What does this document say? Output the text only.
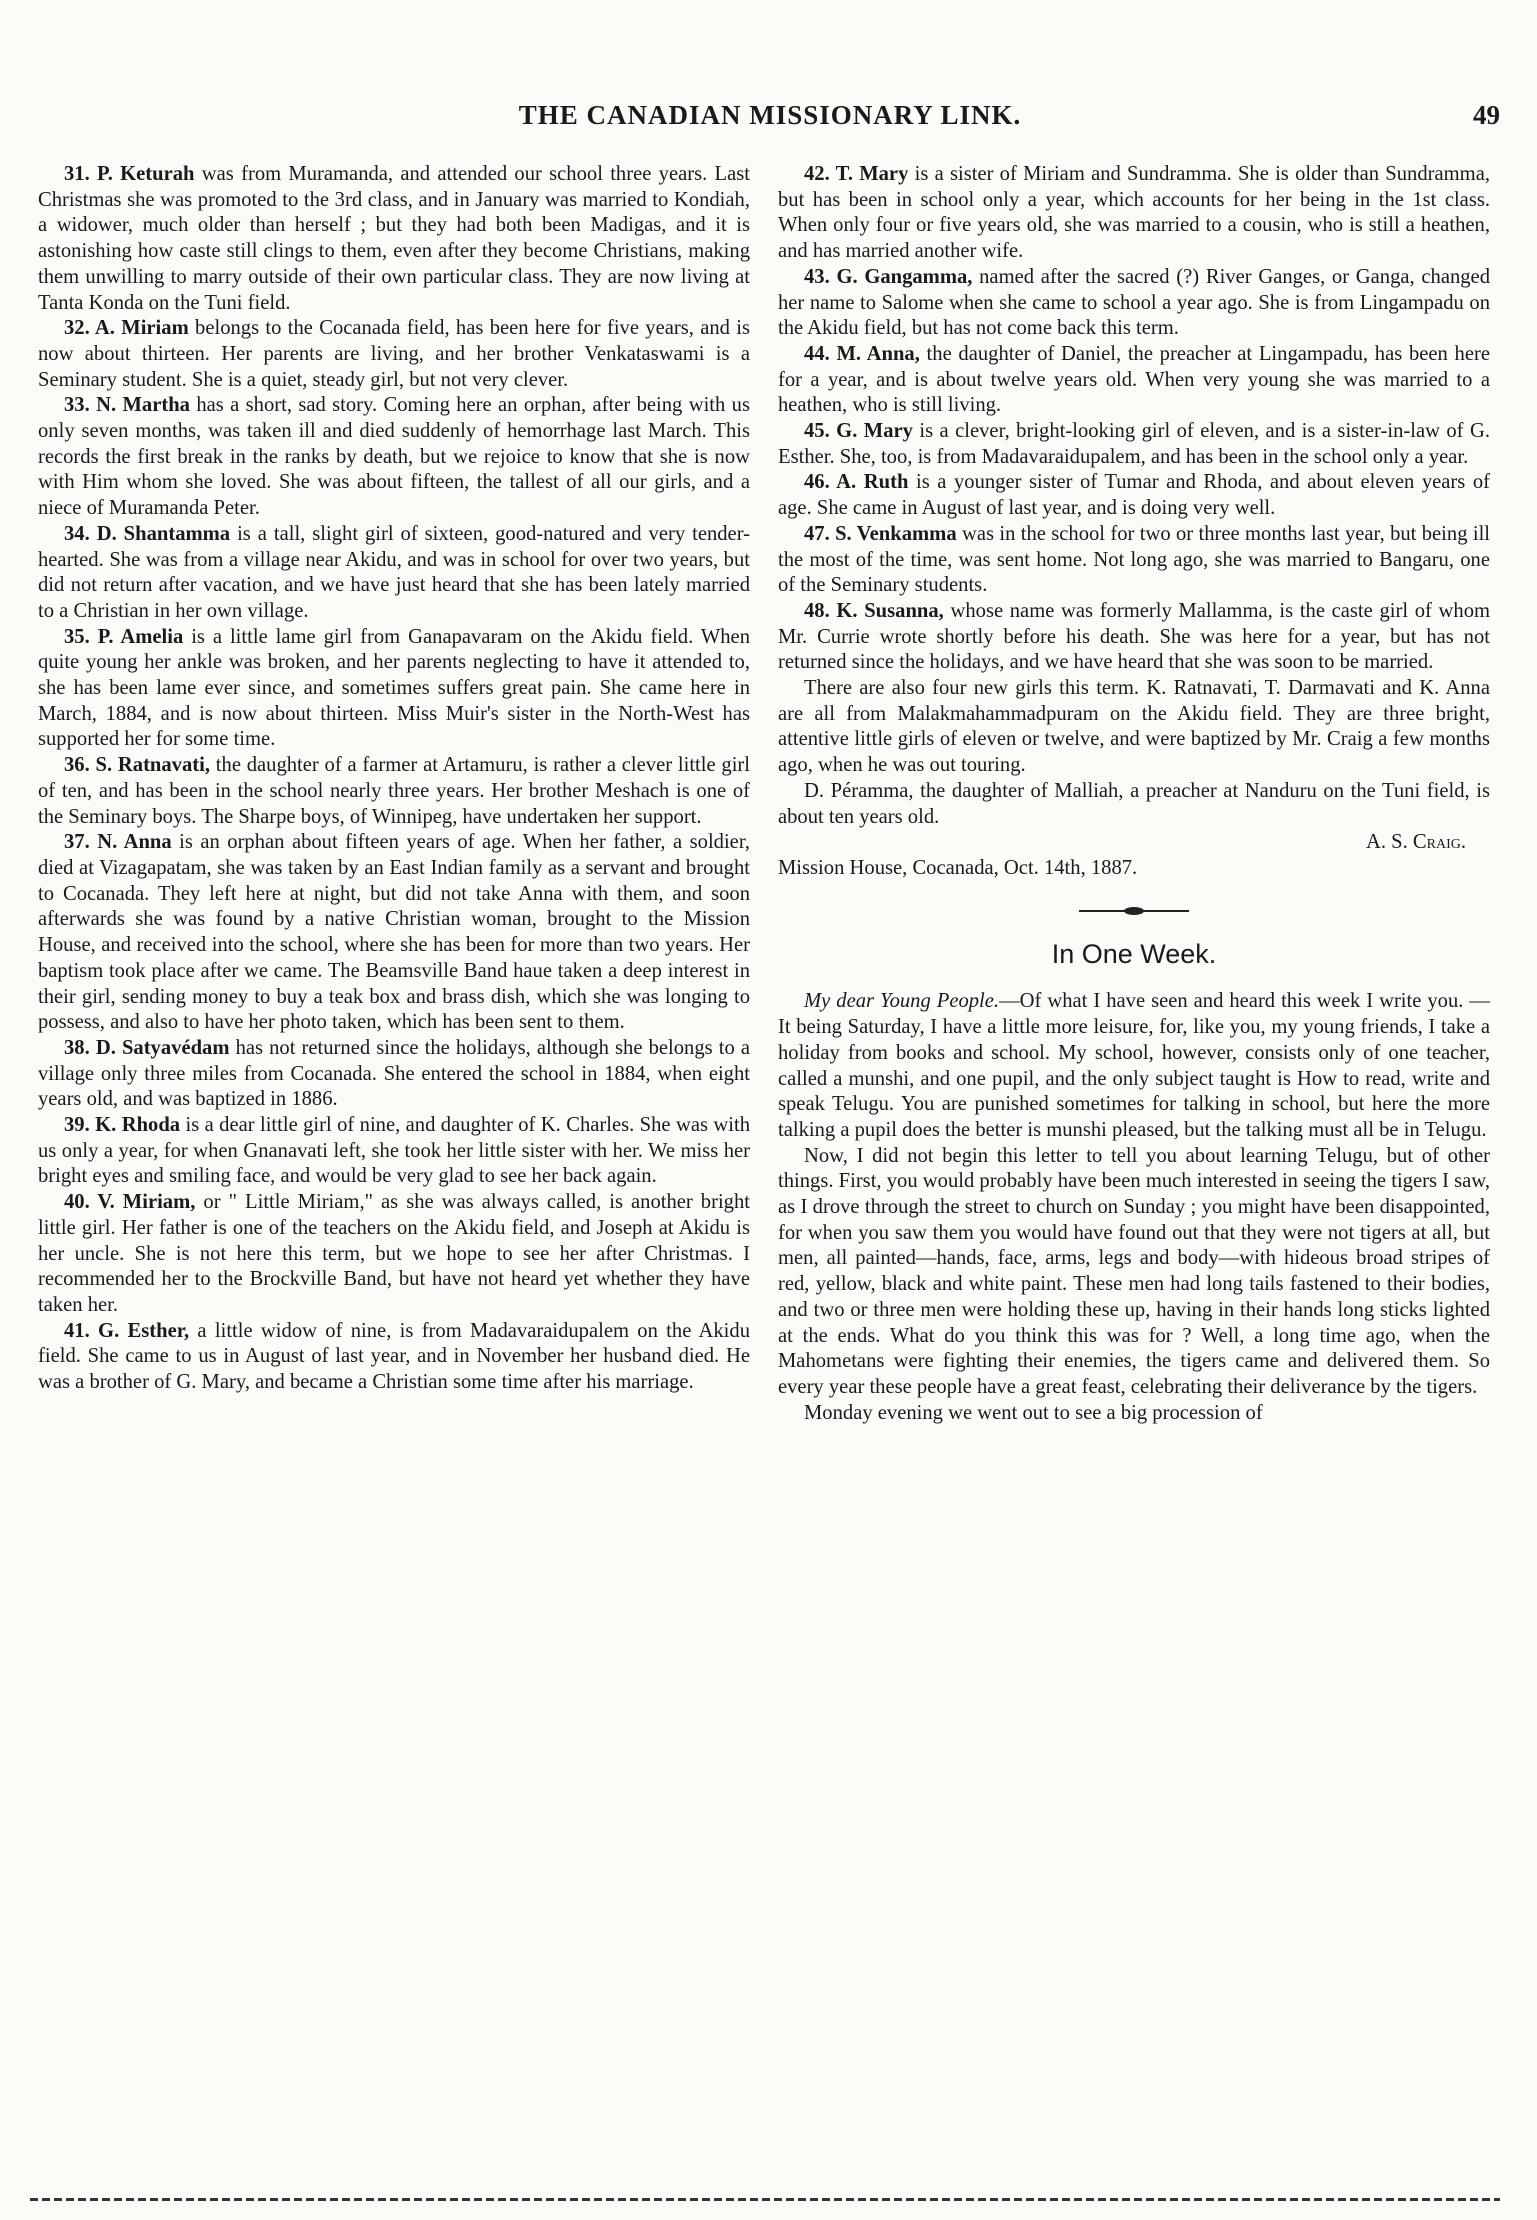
THE CANADIAN MISSIONARY LINK.	49

31. P. Keturah was from Muramanda, and attended our school three years. Last Christmas she was promoted to the 3rd class, and in January was married to Kondiah, a widower, much older than herself ; but they had both been Madigas, and it is astonishing how caste still clings to them, even after they become Christians, making them unwilling to marry outside of their own particular class. They are now living at Tanta Konda on the Tuni field.

32. A. Miriam belongs to the Cocanada field, has been here for five years, and is now about thirteen. Her parents are living, and her brother Venkataswami is a Seminary student. She is a quiet, steady girl, but not very clever.

33. N. Martha has a short, sad story. Coming here an orphan, after being with us only seven months, was taken ill and died suddenly of hemorrhage last March. This records the first break in the ranks by death, but we rejoice to know that she is now with Him whom she loved. She was about fifteen, the tallest of all our girls, and a niece of Muramanda Peter.

34. D. Shantamma is a tall, slight girl of sixteen, good-natured and very tender-hearted. She was from a village near Akidu, and was in school for over two years, but did not return after vacation, and we have just heard that she has been lately married to a Christian in her own village.

35. P. Amelia is a little lame girl from Ganapavaram on the Akidu field. When quite young her ankle was broken, and her parents neglecting to have it attended to, she has been lame ever since, and sometimes suffers great pain. She came here in March, 1884, and is now about thirteen. Miss Muir's sister in the North-West has supported her for some time.

36. S. Ratnavati, the daughter of a farmer at Artamuru, is rather a clever little girl of ten, and has been in the school nearly three years. Her brother Meshach is one of the Seminary boys. The Sharpe boys, of Winnipeg, have undertaken her support.

37. N. Anna is an orphan about fifteen years of age. When her father, a soldier, died at Vizagapatam, she was taken by an East Indian family as a servant and brought to Cocanada. They left here at night, but did not take Anna with them, and soon afterwards she was found by a native Christian woman, brought to the Mission House, and received into the school, where she has been for more than two years. Her baptism took place after we came. The Beamsville Band haue taken a deep interest in their girl, sending money to buy a teak box and brass dish, which she was longing to possess, and also to have her photo taken, which has been sent to them.

38. D. Satyavédam has not returned since the holidays, although she belongs to a village only three miles from Cocanada. She entered the school in 1884, when eight years old, and was baptized in 1886.

39. K. Rhoda is a dear little girl of nine, and daughter of K. Charles. She was with us only a year, for when Gnanavati left, she took her little sister with her. We miss her bright eyes and smiling face, and would be very glad to see her back again.

40. V. Miriam, or " Little Miriam," as she was always called, is another bright little girl. Her father is one of the teachers on the Akidu field, and Joseph at Akidu is her uncle. She is not here this term, but we hope to see her after Christmas. I recommended her to the Brockville Band, but have not heard yet whether they have taken her.

41. G. Esther, a little widow of nine, is from Madavaraidupalem on the Akidu field. She came to us in August of last year, and in November her husband died. He was a brother of G. Mary, and became a Christian some time after his marriage.

42. T. Mary is a sister of Miriam and Sundramma. She is older than Sundramma, but has been in school only a year, which accounts for her being in the 1st class. When only four or five years old, she was married to a cousin, who is still a heathen, and has married another wife.

43. G. Gangamma, named after the sacred (?) River Ganges, or Ganga, changed her name to Salome when she came to school a year ago. She is from Lingampadu on the Akidu field, but has not come back this term.

44. M. Anna, the daughter of Daniel, the preacher at Lingampadu, has been here for a year, and is about twelve years old. When very young she was married to a heathen, who is still living.

45. G. Mary is a clever, bright-looking girl of eleven, and is a sister-in-law of G. Esther. She, too, is from Madavaraidupalem, and has been in the school only a year.

46. A. Ruth is a younger sister of Tumar and Rhoda, and about eleven years of age. She came in August of last year, and is doing very well.

47. S. Venkamma was in the school for two or three months last year, but being ill the most of the time, was sent home. Not long ago, she was married to Bangaru, one of the Seminary students.

48. K. Susanna, whose name was formerly Mallamma, is the caste girl of whom Mr. Currie wrote shortly before his death. She was here for a year, but has not returned since the holidays, and we have heard that she was soon to be married.

There are also four new girls this term. K. Ratnavati, T. Darmavati and K. Anna are all from Malakmahammadpuram on the Akidu field. They are three bright, attentive little girls of eleven or twelve, and were baptized by Mr. Craig a few months ago, when he was out touring.

D. Pérammа, the daughter of Malliah, a preacher at Nanduru on the Tuni field, is about ten years old.

A. S. Craig.

Mission House, Cocanada, Oct. 14th, 1887.

In One Week.

My dear Young People.—Of what I have seen and heard this week I write you. —It being Saturday, I have a little more leisure, for, like you, my young friends, I take a holiday from books and school. My school, however, consists only of one teacher, called a munshi, and one pupil, and the only subject taught is How to read, write and speak Telugu. You are punished sometimes for talking in school, but here the more talking a pupil does the better is munshi pleased, but the talking must all be in Telugu.

Now, I did not begin this letter to tell you about learning Telugu, but of other things. First, you would probably have been much interested in seeing the tigers I saw, as I drove through the street to church on Sunday ; you might have been disappointed, for when you saw them you would have found out that they were not tigers at all, but men, all painted—hands, face, arms, legs and body—with hideous broad stripes of red, yellow, black and white paint. These men had long tails fastened to their bodies, and two or three men were holding these up, having in their hands long sticks lighted at the ends. What do you think this was for ? Well, a long time ago, when the Mahometans were fighting their enemies, the tigers came and delivered them. So every year these people have a great feast, celebrating their deliverance by the tigers.

Monday evening we went out to see a big procession of
